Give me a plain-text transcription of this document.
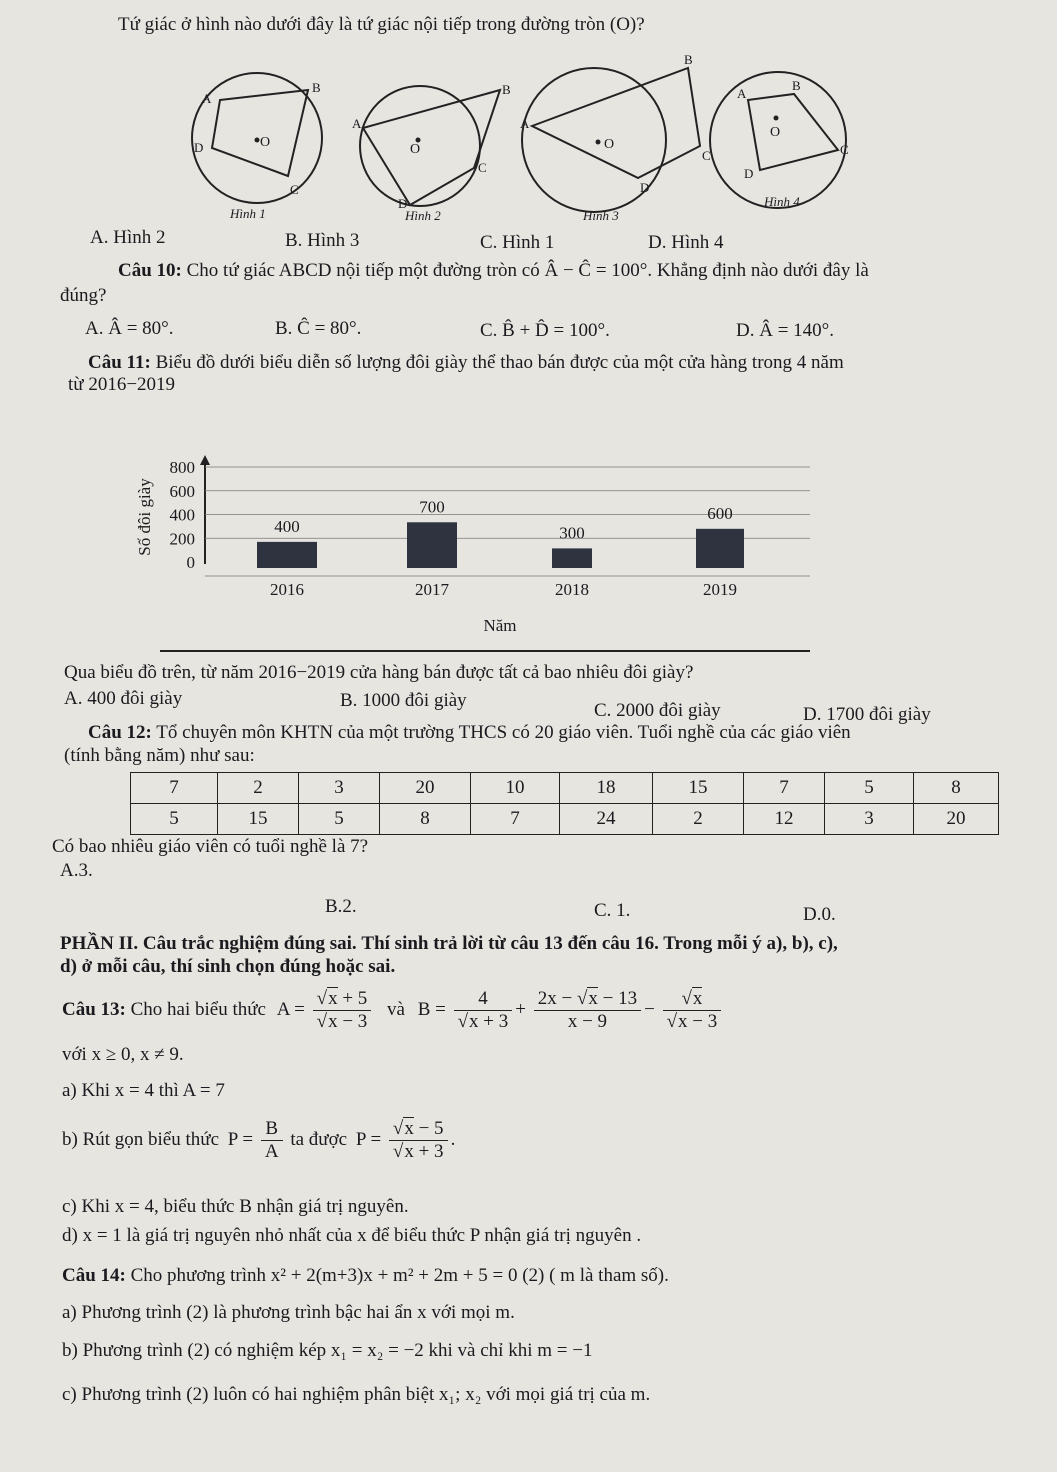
Tứ giác ở hình nào dưới đây là tứ giác nội tiếp trong đường tròn (O)?
O
A
B
C
D
Hình 1
O
A
B
C
D
Hình 2
O
A
B
C
D
Hình 3
O
A
B
C
D
Hình 4
A. Hình 2	B. Hình 3	C. Hình 1	D. Hình 4
Câu 10: Cho tứ giác ABCD nội tiếp một đường tròn có Â − Ĉ = 100°. Khẳng định nào dưới đây là
đúng?
A. Â = 80°.	B. Ĉ = 80°.	C. B̂ + D̂ = 100°.	D. Â = 140°.
Câu 11: Biểu đồ dưới biểu diễn số lượng đôi giày thể thao bán được của một cửa hàng trong 4 năm
từ 2016−2019
0
200
400
600
800
Số đôi giày	400
2016
700
2017
300
2018
600
2019
Năm
Qua biểu đồ trên, từ năm 2016−2019 cửa hàng bán được tất cả bao nhiêu đôi giày?
A. 400 đôi giày	B. 1000 đôi giày	C. 2000 đôi giày	D. 1700 đôi giày
Câu 12: Tổ chuyên môn KHTN của một trường THCS có 20 giáo viên. Tuổi nghề của các giáo viên
(tính bằng năm) như sau:
7	2	3	20	10	18	15	7	5	8
5	15	5	8	7	24	2	12	3	20
Có bao nhiêu giáo viên có tuổi nghề là 7?
A.3.
B.2.	C. 1.	D.0.
PHẦN II. Câu trắc nghiệm đúng sai. Thí sinh trả lời từ câu 13 đến câu 16. Trong mỗi ý a), b), c),
d) ở mỗi câu, thí sinh chọn đúng hoặc sai.
Câu 13: Cho hai biểu thức $A = \frac{√x + 5}{√x - 3}$ và $B = \frac{4}{√x + 3} + \frac{2x - √x - 13}{x - 9} - \frac{√x}{√x - 3}$
với x ≥ 0, x ≠ 9.
a) Khi x = 4 thì A = 7
b) Rút gọn biểu thức $P = \frac{B}{A}$ ta được $P = \frac{√x - 5}{√x + 3}$ .
c) Khi x = 4, biểu thức B nhận giá trị nguyên.
d) x = 1 là giá trị nguyên nhỏ nhất của x để biểu thức P nhận giá trị nguyên .
Câu 14: Cho phương trình x² + 2(m+3)x + m² + 2m + 5 = 0 (2) ( m là tham số).
a) Phương trình (2) là phương trình bậc hai ẩn x với mọi m.
b) Phương trình (2) có nghiệm kép x₁ = x₂ = −2 khi và chỉ khi m = −1
c) Phương trình (2) luôn có hai nghiệm phân biệt x₁; x₂ với mọi giá trị của m.
